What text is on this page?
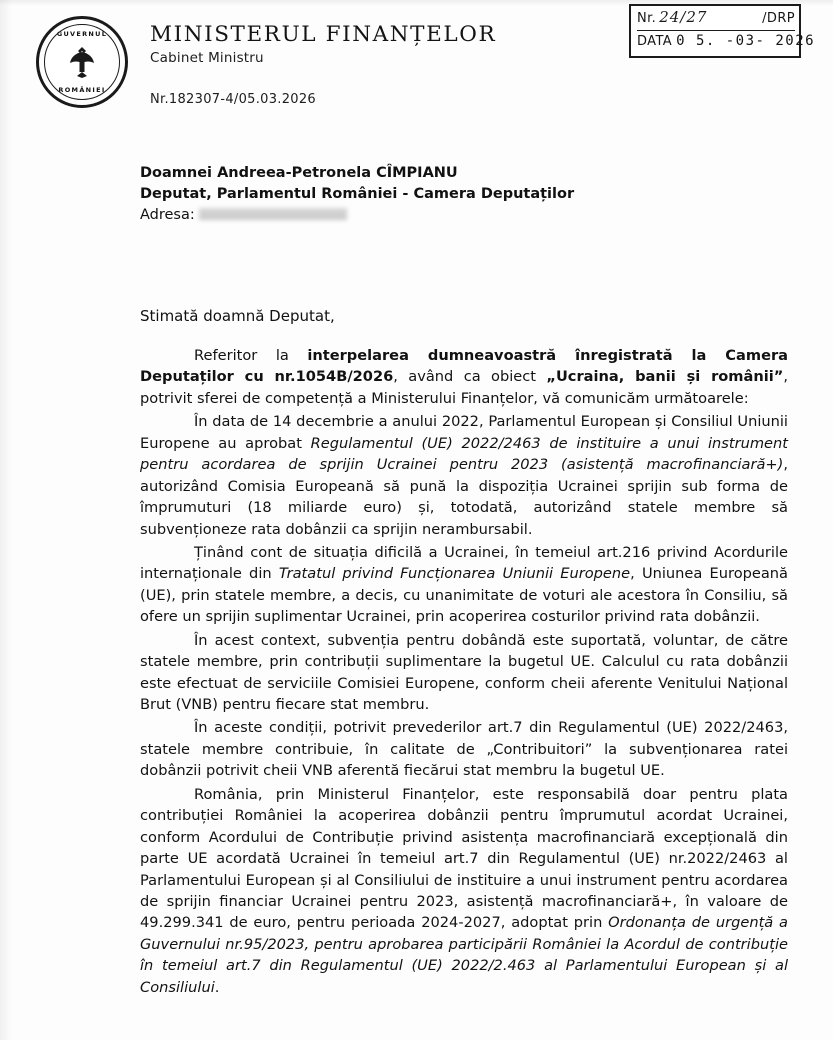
GUVERNUL
ROMÂNIEI
MINISTERUL FINANȚELOR
Cabinet Ministru
Nr.182307-4/05.03.2026
Nr. 24/27	/DRP
DATA 0 5. -03- 2026
Doamnei Andreea-Petronela CÎMPIANU
Deputat, Parlamentul României - Camera Deputaților
Adresa:
Stimată doamnă Deputat,

Referitor la interpelarea dumneavoastră înregistrată la Camera Deputaților cu nr.1054B/2026, având ca obiect „Ucraina, banii și românii”, potrivit sferei de competență a Ministerului Finanțelor, vă comunicăm următoarele:

În data de 14 decembrie a anului 2022, Parlamentul European și Consiliul Uniunii Europene au aprobat Regulamentul (UE) 2022/2463 de instituire a unui instrument pentru acordarea de sprijin Ucrainei pentru 2023 (asistență macrofinanciară+), autorizând Comisia Europeană să pună la dispoziția Ucrainei sprijin sub forma de împrumuturi (18 miliarde euro) și, totodată, autorizând statele membre să subvenționeze rata dobânzii ca sprijin nerambursabil.

Ținând cont de situația dificilă a Ucrainei, în temeiul art.216 privind Acordurile internaționale din Tratatul privind Funcționarea Uniunii Europene, Uniunea Europeană (UE), prin statele membre, a decis, cu unanimitate de voturi ale acestora în Consiliu, să ofere un sprijin suplimentar Ucrainei, prin acoperirea costurilor privind rata dobânzii.

În acest context, subvenția pentru dobândă este suportată, voluntar, de către statele membre, prin contribuții suplimentare la bugetul UE. Calculul cu rata dobânzii este efectuat de serviciile Comisiei Europene, conform cheii aferente Venitului Național Brut (VNB) pentru fiecare stat membru.

În aceste condiții, potrivit prevederilor art.7 din Regulamentul (UE) 2022/2463, statele membre contribuie, în calitate de „Contribuitori” la subvenționarea ratei dobânzii potrivit cheii VNB aferentă fiecărui stat membru la bugetul UE.

România, prin Ministerul Finanțelor, este responsabilă doar pentru plata contribuției României la acoperirea dobânzii pentru împrumutul acordat Ucrainei, conform Acordului de Contribuție privind asistența macrofinanciară excepțională din parte UE acordată Ucrainei în temeiul art.7 din Regulamentul (UE) nr.2022/2463 al Parlamentului European și al Consiliului de instituire a unui instrument pentru acordarea de sprijin financiar Ucrainei pentru 2023, asistență macrofinanciară+, în valoare de 49.299.341 de euro, pentru perioada 2024-2027, adoptat prin Ordonanța de urgență a Guvernului nr.95/2023, pentru aprobarea participării României la Acordul de contribuție în temeiul art.7 din Regulamentul (UE) 2022/2.463 al Parlamentului European și al Consiliului.
